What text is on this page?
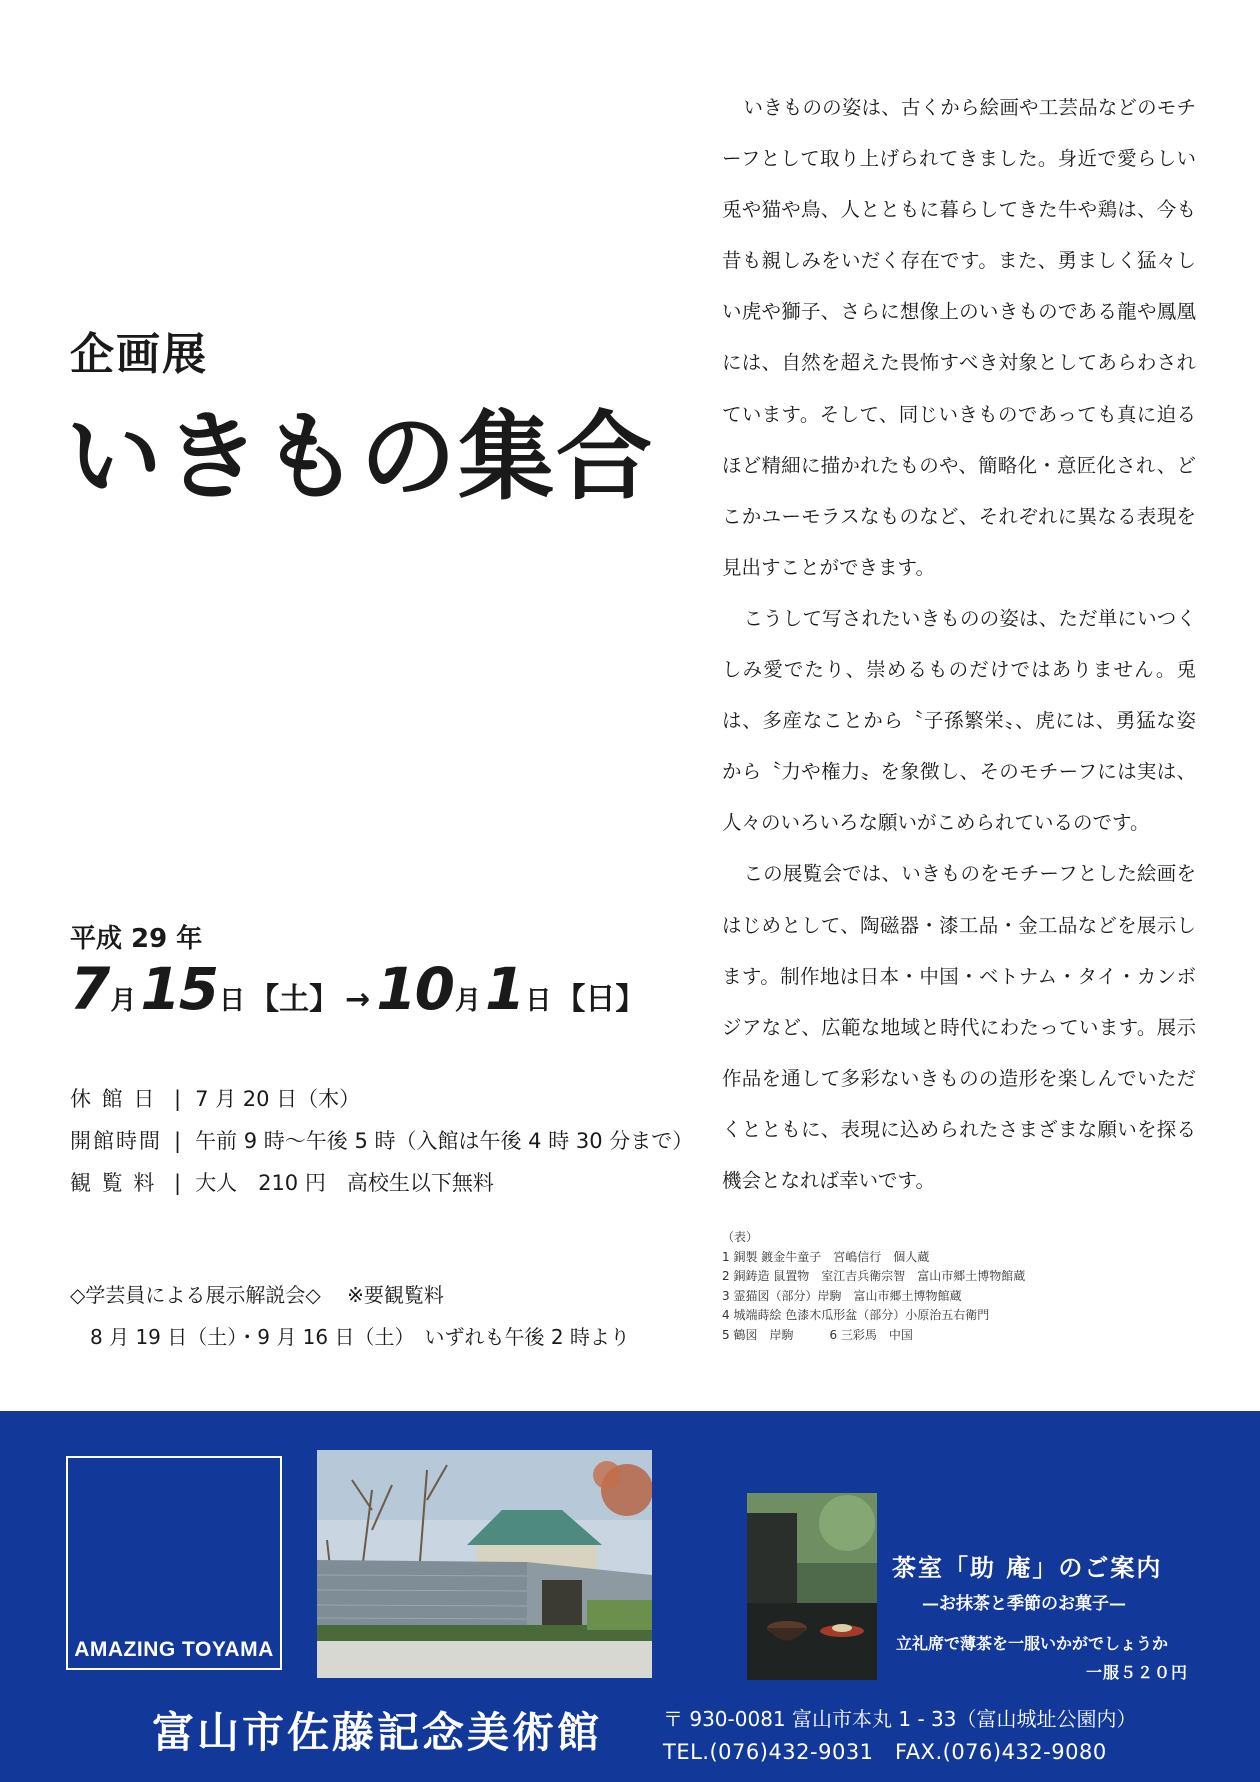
企画展
いきもの集合
平成 29 年
7 月 15 日 【土】 → 10 月 1 日 【日】
休 館 日 | 7 月 20 日（木）
開館時間 | 午前 9 時〜午後 5 時（入館は午後 4 時 30 分まで）
観 覧 料 | 大人　210 円　高校生以下無料
◇学芸員による展示解説会◇　 ※要観覧料
8 月 19 日（土）・9 月 16 日（土）　いずれも午後 2 時より

いきものの姿は、古くから絵画や工芸品などのモチーフとして取り上げられてきました。身近で愛らしい兎や猫や鳥、人とともに暮らしてきた牛や鶏は、今も昔も親しみをいだく存在です。また、勇ましく猛々しい虎や獅子、さらに想像上のいきものである龍や鳳凰には、自然を超えた畏怖すべき対象としてあらわされています。そして、同じいきものであっても真に迫るほど精細に描かれたものや、簡略化・意匠化され、どこかユーモラスなものなど、それぞれに異なる表現を見出すことができます。

こうして写されたいきものの姿は、ただ単にいつくしみ愛でたり、崇めるものだけではありません。兎は、多産なことから〝子孫繁栄〟、虎には、勇猛な姿から〝力や権力〟を象徴し、そのモチーフには実は、人々のいろいろな願いがこめられているのです。

この展覧会では、いきものをモチーフとした絵画をはじめとして、陶磁器・漆工品・金工品などを展示します。制作地は日本・中国・ベトナム・タイ・カンボジアなど、広範な地域と時代にわたっています。展示作品を通して多彩ないきものの造形を楽しんでいただくとともに、表現に込められたさまざまな願いを探る機会となれば幸いです。

（表）
1 銅製 鍍金牛童子　宮嶋信行　個人蔵
2 銅鋳造 鼠置物　室江吉兵衛宗智　富山市郷土博物館蔵
3 霊猫図（部分）岸駒　富山市郷土博物館蔵
4 城端蒔絵 色漆木瓜形盆（部分）小原治五右衛門
5 鶴図　岸駒　　　6 三彩馬　中国
AMAZING TOYAMA
茶室「助 庵」のご案内
—お抹茶と季節のお菓子—
立礼席で薄茶を一服いかがでしょうか
一服５２０円
富山市佐藤記念美術館	〒 930-0081 富山市本丸 1 - 33（富山城址公園内）
TEL.(076)432-9031　FAX.(076)432-9080
